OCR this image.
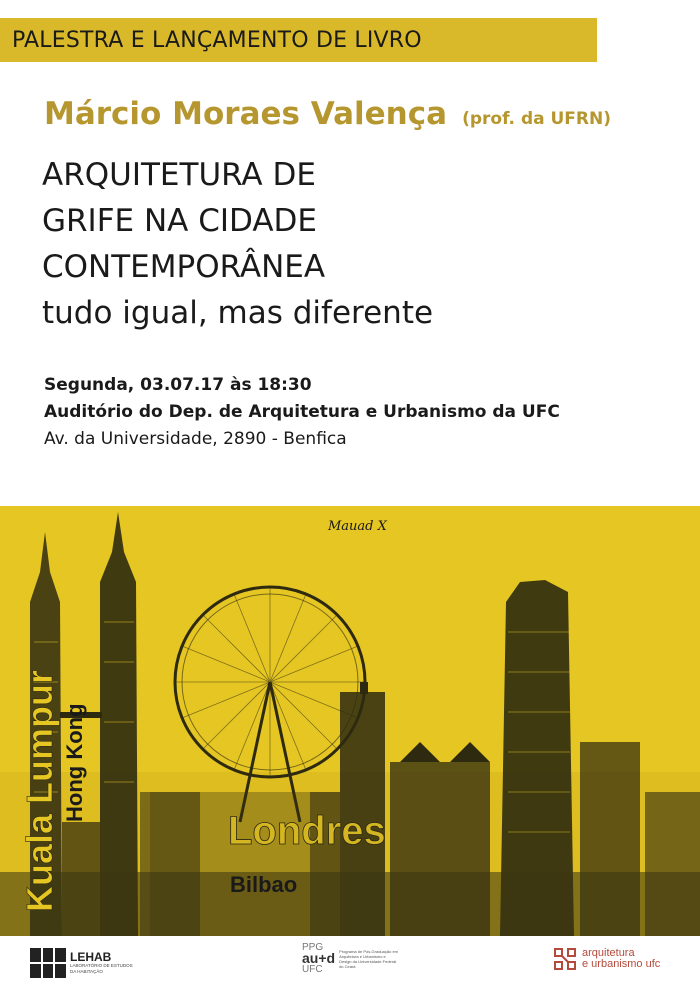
PALESTRA E LANÇAMENTO DE LIVRO
Márcio Moraes Valença (prof. da UFRN)
ARQUITETURA DE
GRIFE NA CIDADE
CONTEMPORÂNEA
tudo igual, mas diferente
Segunda, 03.07.17 às 18:30
Auditório do Dep. de Arquitetura e Urbanismo da UFC
Av. da Universidade, 2890 - Benfica
Kuala Lumpur Hong Kong
Londres
Bilbao
Mauad X
LEHAB
LABORATÓRIO DE ESTUDOS DA HABITAÇÃO
PPG
au+d
UFC
Programa de Pós-Graduação em Arquitetura e Urbanismo e Design da Universidade Federal do Ceará
arquitetura
e urbanismo ufc
